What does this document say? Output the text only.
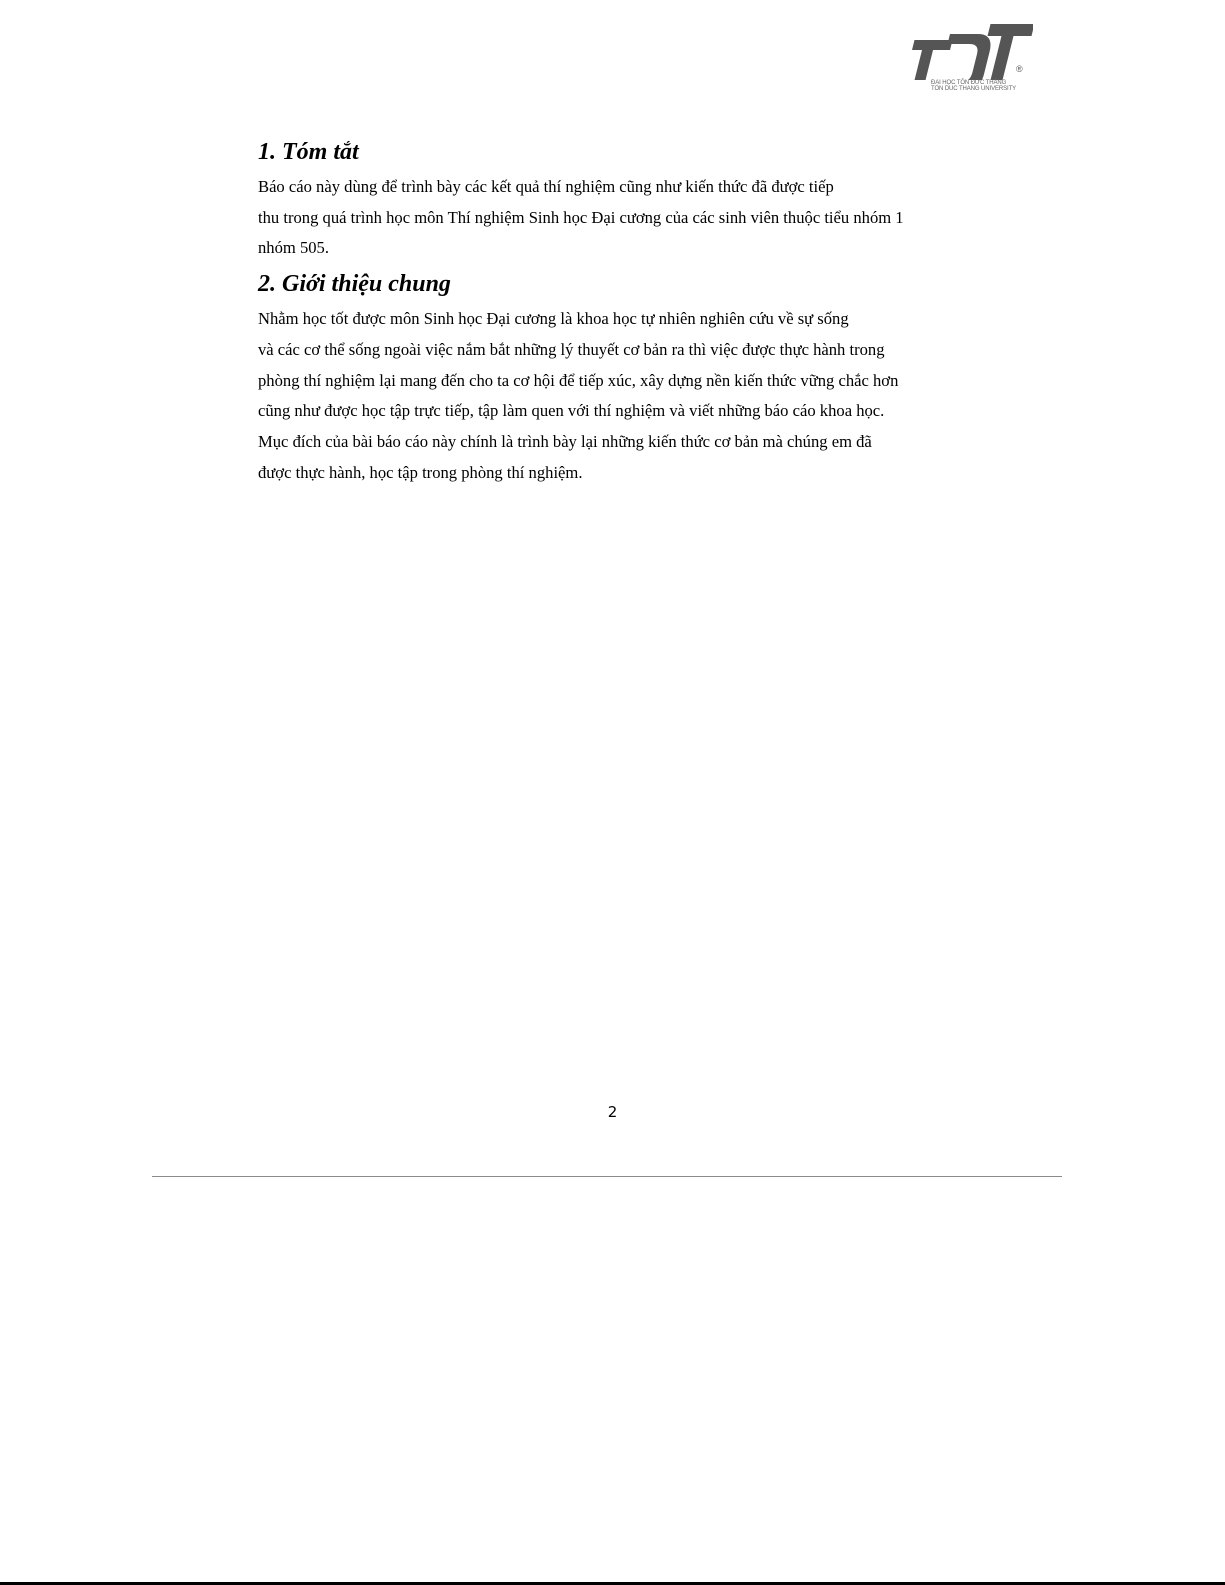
®
ĐẠI HỌC TÔN ĐỨC THẮNG
TON DUC THANG UNIVERSITY
1. Tóm tắt

Báo cáo này dùng để trình bày các kết quả thí nghiệm cũng như kiến thức đã được tiếp

thu trong quá trình học môn Thí nghiệm Sinh học Đại cương của các sinh viên thuộc tiểu nhóm 1

nhóm 505.

2. Giới thiệu chung

Nhằm học tốt được môn Sinh học Đại cương là khoa học tự nhiên nghiên cứu về sự sống

và các cơ thể sống ngoài việc nắm bắt những lý thuyết cơ bản ra thì việc được thực hành trong

phòng thí nghiệm lại mang đến cho ta cơ hội để tiếp xúc, xây dựng nền kiến thức vững chắc hơn

cũng như được học tập trực tiếp, tập làm quen với thí nghiệm và viết những báo cáo khoa học.

Mục đích của bài báo cáo này chính là trình bày lại những kiến thức cơ bản mà chúng em đã

được thực hành, học tập trong phòng thí nghiệm.

2
